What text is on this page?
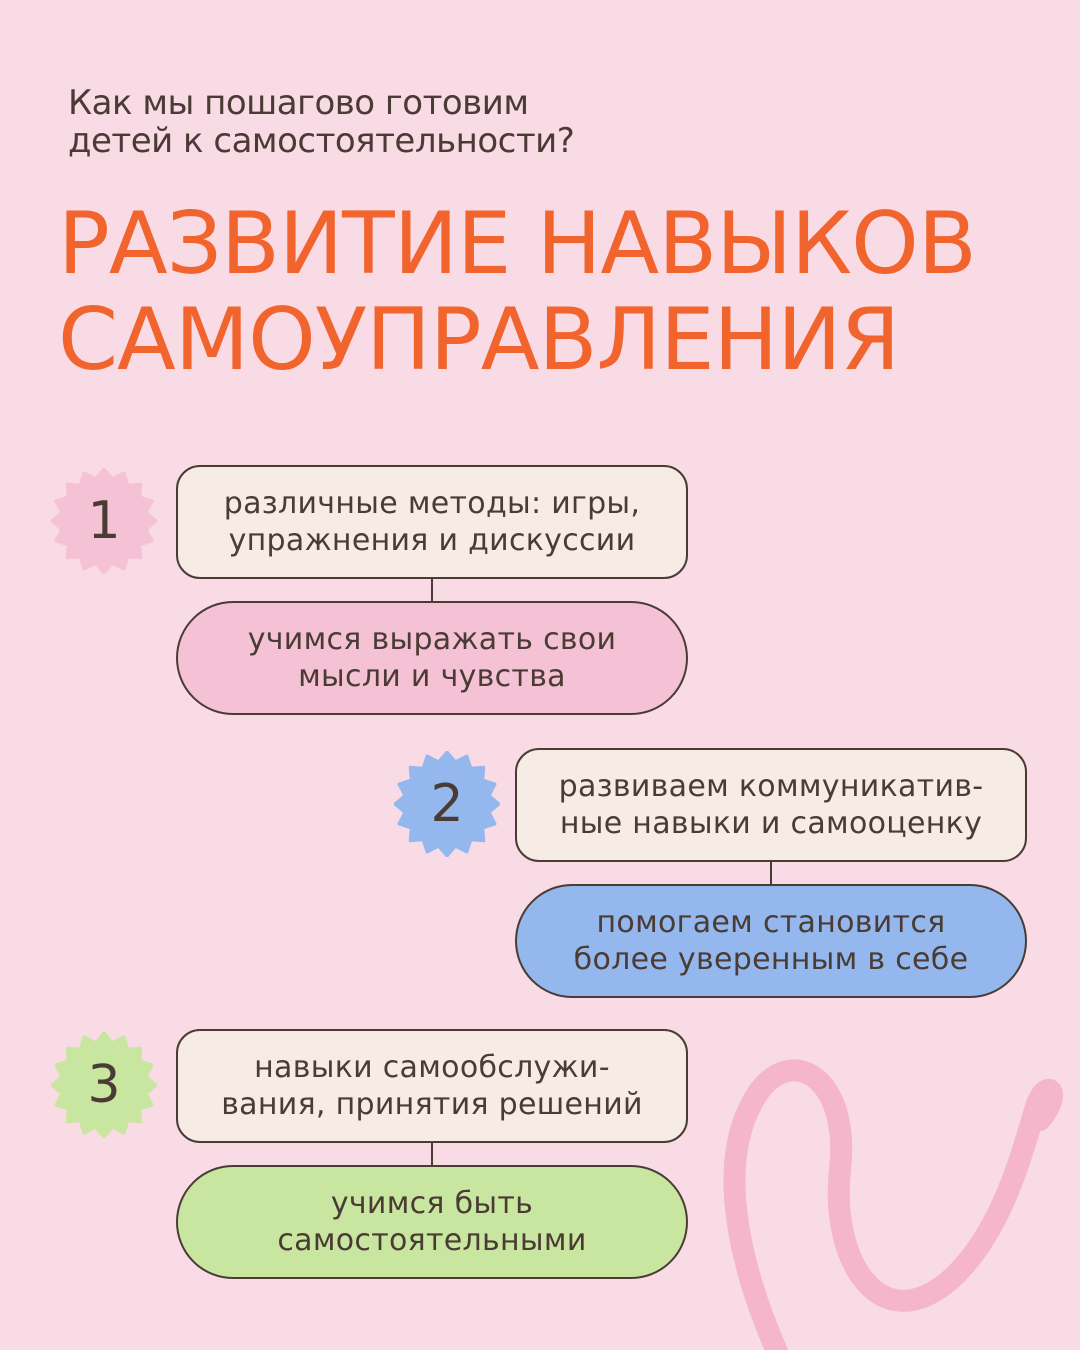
Как мы пошагово готовим
детей к самостоятельности?
РАЗВИТИЕ НАВЫКОВ
САМОУПРАВЛЕНИЯ
1	различные методы: игры,
упражнения и дискуссии
учимся выражать свои
мысли и чувства
2	развиваем коммуникатив-
ные навыки и самооценку
помогаем становится
более уверенным в себе
3	навыки самообслужи-
вания, принятия решений
учимся быть
самостоятельными
